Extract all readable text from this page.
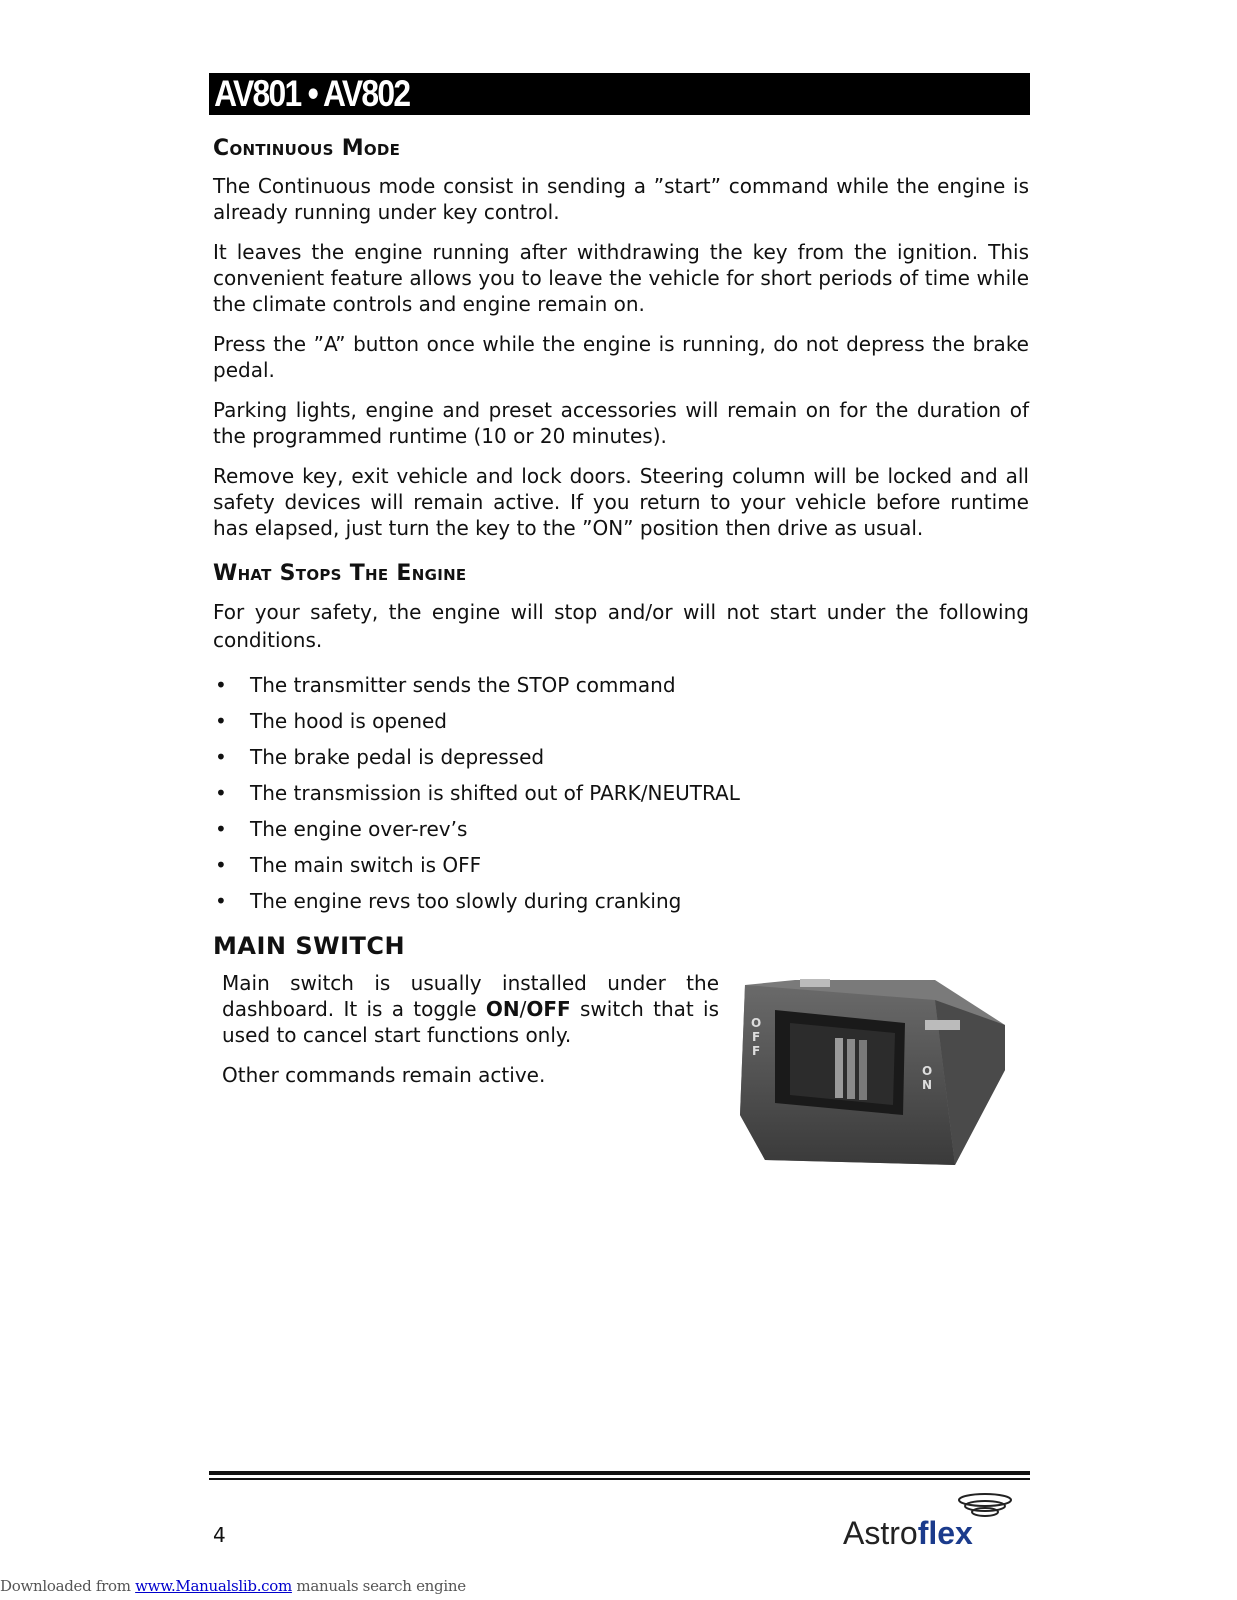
AV801 • AV802
Continuous Mode

The Continuous mode consist in sending a ”start” command while the engine is already running under key control.

It leaves the engine running after withdrawing the key from the ignition. This convenient feature allows you to leave the vehicle for short periods of time while the climate controls and engine remain on.

Press the ”A” button once while the engine is running, do not depress the brake pedal.

Parking lights, engine and preset accessories will remain on for the duration of the programmed runtime (10 or 20 minutes).

Remove key, exit vehicle and lock doors. Steering column will be locked and all safety devices will remain active. If you return to your vehicle before runtime has elapsed, just turn the key to the ”ON” position then drive as usual.

What Stops The Engine

For your safety, the engine will stop and/or will not start under the following conditions.

• The transmitter sends the STOP command
• The hood is opened
• The brake pedal is depressed
• The transmission is shifted out of PARK/NEUTRAL
• The engine over-rev’s
• The main switch is OFF
• The engine revs too slowly during cranking
MAIN SWITCH

Main switch is usually installed under the dashboard. It is a toggle ON/OFF switch that is used to cancel start functions only.

Other commands remain active.

O
F
F
O
N
4	Astroflex
Downloaded from www.Manualslib.com manuals search engine
